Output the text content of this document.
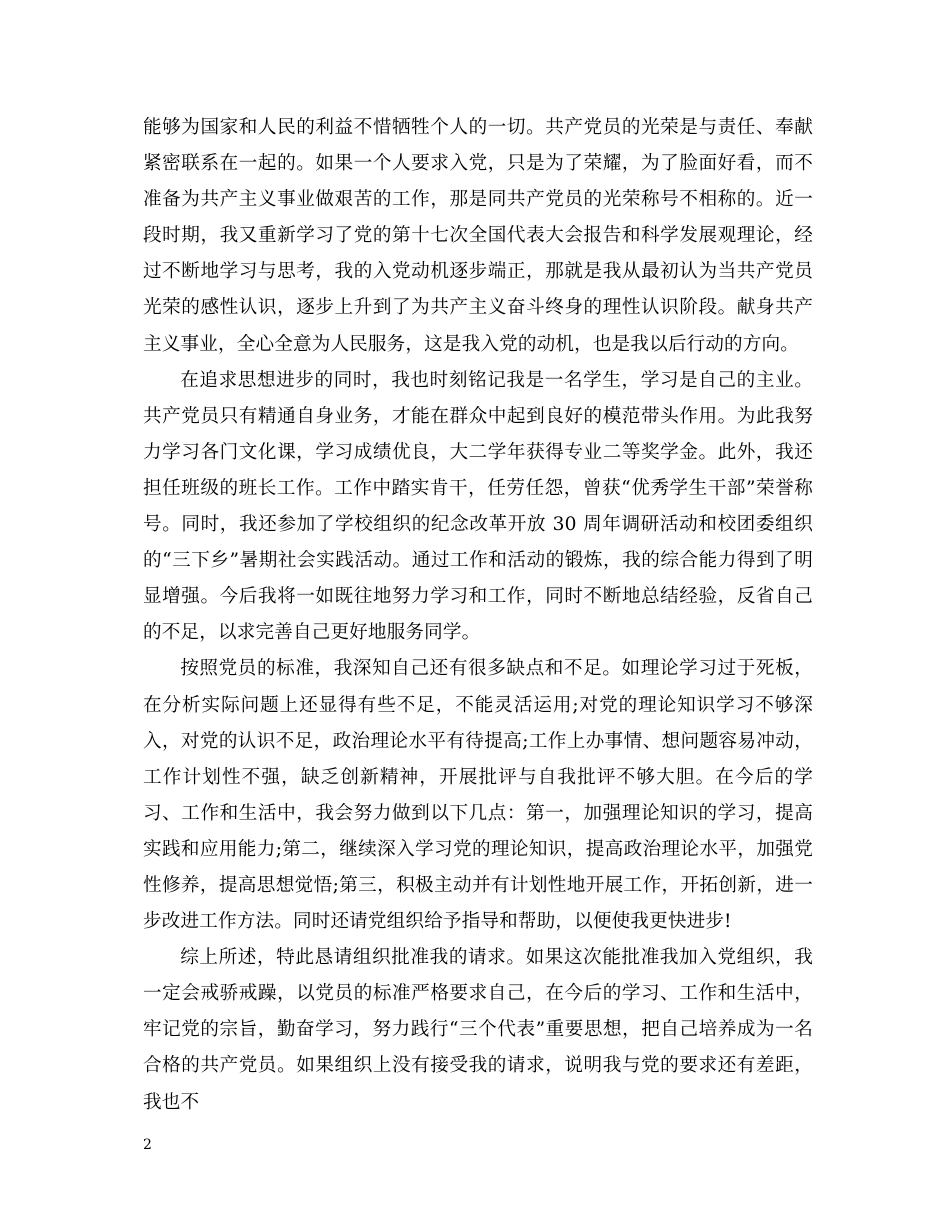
能够为国家和人民的利益不惜牺牲个人的一切。共产党员的光荣是与责任、奉献紧密联系在一起的。如果一个人要求入党，只是为了荣耀，为了脸面好看，而不准备为共产主义事业做艰苦的工作，那是同共产党员的光荣称号不相称的。近一段时期，我又重新学习了党的第十七次全国代表大会报告和科学发展观理论，经过不断地学习与思考，我的入党动机逐步端正，那就是我从最初认为当共产党员光荣的感性认识，逐步上升到了为共产主义奋斗终身的理性认识阶段。献身共产主义事业，全心全意为人民服务，这是我入党的动机，也是我以后行动的方向。

在追求思想进步的同时，我也时刻铭记我是一名学生，学习是自己的主业。共产党员只有精通自身业务，才能在群众中起到良好的模范带头作用。为此我努力学习各门文化课，学习成绩优良，大二学年获得专业二等奖学金。此外，我还担任班级的班长工作。工作中踏实肯干，任劳任怨，曾获“优秀学生干部”荣誉称号。同时，我还参加了学校组织的纪念改革开放 30 周年调研活动和校团委组织的“三下乡”暑期社会实践活动。通过工作和活动的锻炼，我的综合能力得到了明显增强。今后我将一如既往地努力学习和工作，同时不断地总结经验，反省自己的不足，以求完善自己更好地服务同学。

按照党员的标准，我深知自己还有很多缺点和不足。如理论学习过于死板，在分析实际问题上还显得有些不足，不能灵活运用;对党的理论知识学习不够深入，对党的认识不足，政治理论水平有待提高;工作上办事情、想问题容易冲动，工作计划性不强，缺乏创新精神，开展批评与自我批评不够大胆。在今后的学习、工作和生活中，我会努力做到以下几点：第一，加强理论知识的学习，提高实践和应用能力;第二，继续深入学习党的理论知识，提高政治理论水平，加强党性修养，提高思想觉悟;第三，积极主动并有计划性地开展工作，开拓创新，进一步改进工作方法。同时还请党组织给予指导和帮助，以便使我更快进步!

综上所述，特此恳请组织批准我的请求。如果这次能批准我加入党组织，我一定会戒骄戒躁，以党员的标准严格要求自己，在今后的学习、工作和生活中，牢记党的宗旨，勤奋学习，努力践行“三个代表”重要思想，把自己培养成为一名合格的共产党员。如果组织上没有接受我的请求，说明我与党的要求还有差距，我也不

2
